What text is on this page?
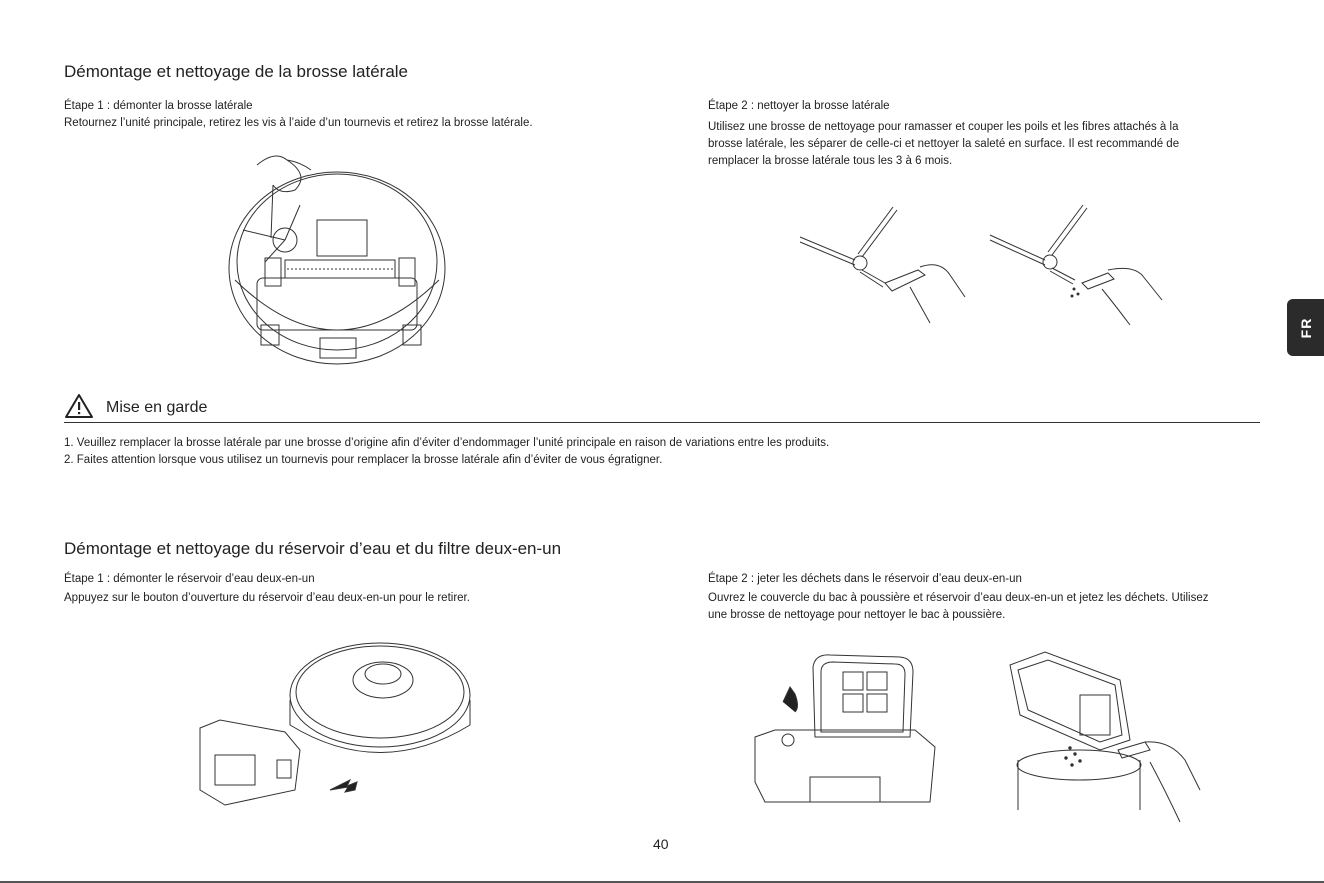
Démontage et nettoyage de la brosse latérale
Étape 1 : démonter la brosse latérale
Retournez l’unité principale, retirez les vis à l’aide d’un tournevis et retirez la brosse latérale.
Étape 2 : nettoyer la brosse latérale
Utilisez une brosse de nettoyage pour ramasser et couper les poils et les fibres attachés à la
brosse latérale, les séparer de celle-ci et nettoyer la saleté en surface. Il est recommandé de
remplacer la brosse latérale tous les 3 à 6 mois.
Mise en garde
1. Veuillez remplacer la brosse latérale par une brosse d’origine afin d’éviter d’endommager l’unité principale en raison de variations entre les produits.
2. Faites attention lorsque vous utilisez un tournevis pour remplacer la brosse latérale afin d’éviter de vous égratigner.
Démontage et nettoyage du réservoir d’eau et du filtre deux-en-un
Étape 1 : démonter le réservoir d’eau deux-en-un
Appuyez sur le bouton d’ouverture du réservoir d’eau deux-en-un pour le retirer.
Étape 2 : jeter les déchets dans le réservoir d’eau deux-en-un
Ouvrez le couvercle du bac à poussière et réservoir d’eau deux-en-un et jetez les déchets. Utilisez
une brosse de nettoyage pour nettoyer le bac à poussière.
FR
40
